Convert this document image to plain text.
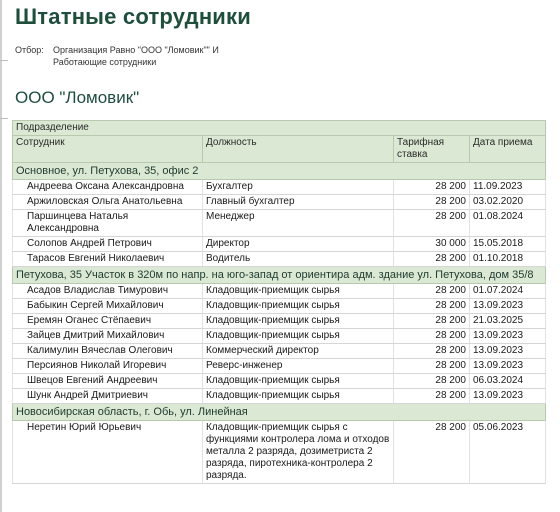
Штатные сотрудники
Отбор: Организация Равно "ООО "Ломовик"" И Работающие сотрудники
ООО "Ломовик"
Подразделение			
Сотрудник	Должность	Тарифная ставка	Дата приема
Основное, ул. Петухова, 35, офис 2			
Андреева Оксана Александровна	Бухгалтер	28 200	11.09.2023
Аржиловская Ольга Анатольевна	Главный бухгалтер	28 200	03.02.2020
Паршинцева Наталья Александровна	Менеджер	28 200	01.08.2024
Солопов Андрей Петрович	Директор	30 000	15.05.2018
Тарасов Евгений Николаевич	Водитель	28 200	01.10.2018
Петухова, 35 Участок в 320м по напр. на юго-запад от ориентира адм. здание ул. Петухова, дом 35/8			
Асадов Владислав Тимурович	Кладовщик-приемщик сырья	28 200	01.07.2024
Бабыкин Сергей Михайлович	Кладовщик-приемщик сырья	28 200	13.09.2023
Еремян Оганес Стёпаевич	Кладовщик-приемщик сырья	28 200	21.03.2025
Зайцев Дмитрий Михайлович	Кладовщик-приемщик сырья	28 200	13.09.2023
Калимулин Вячеслав Олегович	Коммерческий директор	28 200	13.09.2023
Персиянов Николай Игоревич	Реверс-инженер	28 200	13.09.2023
Швецов Евгений Андреевич	Кладовщик-приемщик сырья	28 200	06.03.2024
Шунк Андрей Дмитриевич	Кладовщик-приемщик сырья	28 200	13.09.2023
Новосибирская область, г. Обь, ул. Линейная			
Неретин Юрий Юрьевич	Кладовщик-приемщик сырья с функциями контролера лома и отходов металла 2 разряда, дозиметриста 2 разряда, пиротехника-контролера 2 разряда.	28 200	05.06.2023
